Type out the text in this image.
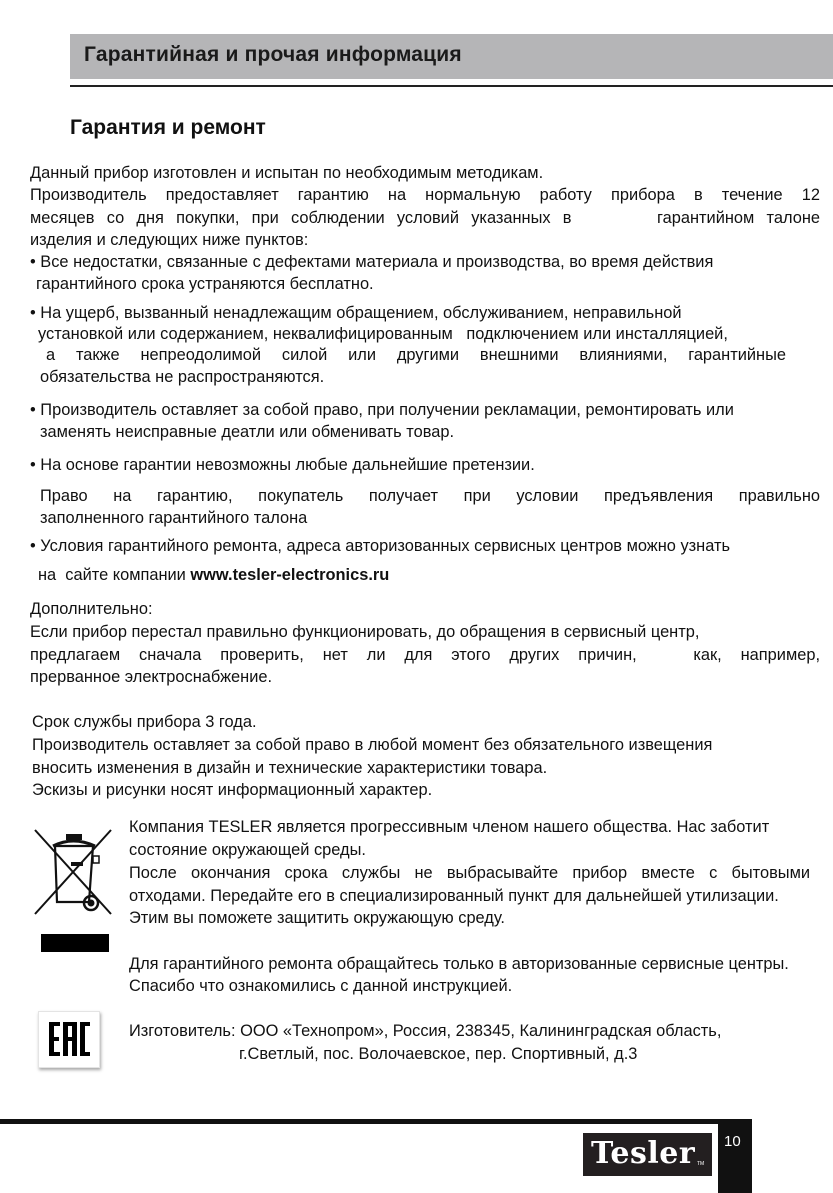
Гарантийная и прочая информация
Гарантия и ремонт
Данный прибор изготовлен и испытан по необходимым методикам.
Производитель предоставляет гарантию на нормальную работу прибора в течение 12
месяцев со дня покупки, при соблюдении условий указанных в       гарантийном талоне
изделия и следующих ниже пунктов:
• Все недостатки, связанные с дефектами материала и производства, во время действия
гарантийного срока устраняются бесплатно.
• На ущерб, вызванный ненадлежащим обращением, обслуживанием, неправильной
установкой или содержанием, неквалифицированным   подключением или инсталляцией,
а также непреодолимой силой или другими внешними влияниями, гарантийные
обязательства не распространяются.
• Производитель оставляет за собой право, при получении рекламации, ремонтировать или
заменять неисправные деатли или обменивать товар.
• На основе гарантии невозможны любые дальнейшие претензии.
Право на гарантию, покупатель получает при условии предъявления правильно
заполненного гарантийного талона
• Условия гарантийного ремонта, адреса авторизованных сервисных центров можно узнать
на  сайте компании www.tesler-electronics.ru
Дополнительно:
Если прибор перестал правильно функционировать, до обращения в сервисный центр,
предлагаем сначала проверить, нет ли для этого других причин,   как, например,
прерванное электроснабжение.
Срок службы прибора 3 года.
Производитель оставляет за собой право в любой момент без обязательного извещения
вносить изменения в дизайн и технические характеристики товара.
Эскизы и рисунки носят информационный характер.
Компания TESLER является прогрессивным членом нашего общества. Нас заботит
состояние окружающей среды.
После окончания срока службы не выбрасывайте прибор вместе с бытовыми
отходами. Передайте его в специализированный пункт для дальнейшей утилизации.
Этим вы поможете защитить окружающую среду.
Для гарантийного ремонта обращайтесь только в авторизованные сервисные центры.
Спасибо что ознакомились с данной инструкцией.
Изготовитель: ООО «Технопром», Россия, 238345, Калининградская область,
г.Светлый, пос. Волочаевское, пер. Спортивный, д.3
10
Tesler TM
